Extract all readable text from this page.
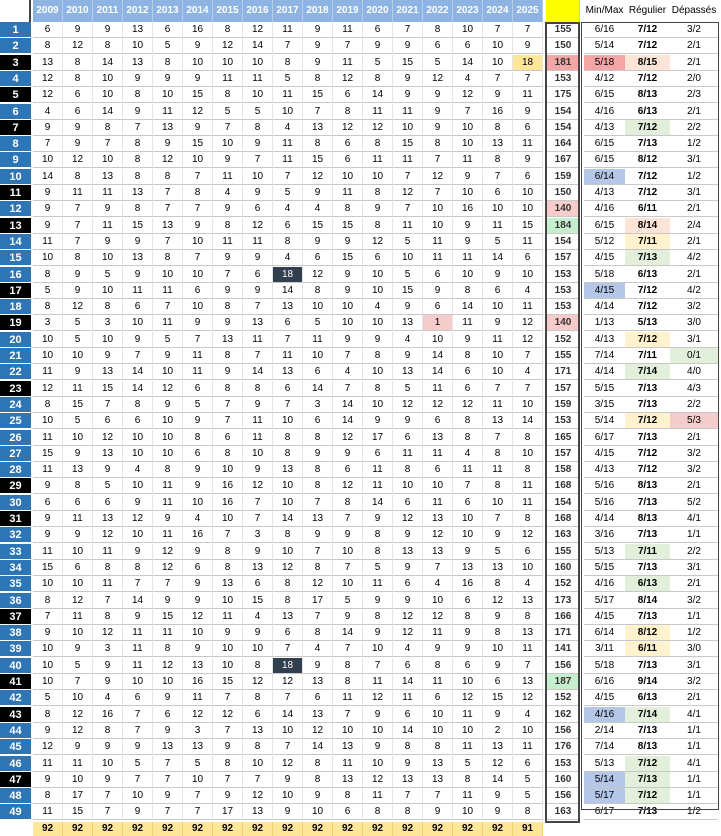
2009 2010 2011 2012 2013 2014 2015 2016 2017 2018 2019 2020 2021 2022 2023 2024 2025	Min/Max Régulier Dépassés
1	6	9	9	13	6	16	8	12	11	9	11	6	7	8	10	7	7	155	6/16	7/12	3/2
2	8	12	8	10	5	9	12	14	7	9	7	9	9	6	6	10	9	150	5/14	7/12	2/1
3	13	8	14	13	8	10	10	10	8	9	11	5	15	5	14	10	18	181	5/18	8/15	2/1
4	12	8	10	9	9	9	11	11	5	8	12	8	9	12	4	7	7	153	4/12	7/12	2/0
5	12	6	10	8	10	15	8	10	11	15	6	14	9	9	12	9	11	175	6/15	8/13	2/3
6	4	6	14	9	11	12	5	5	10	7	8	11	11	9	7	16	9	154	4/16	6/13	2/1
7	9	9	8	7	13	9	7	8	4	13	12	12	10	9	10	8	6	154	4/13	7/12	2/2
8	7	9	7	8	9	15	10	9	11	8	6	8	15	8	10	13	11	164	6/15	7/13	1/2
9	10	12	10	8	12	10	9	7	11	15	6	11	11	7	11	8	9	167	6/15	8/12	3/1
10	14	8	13	8	8	7	11	10	7	12	10	10	7	12	9	7	6	159	6/14	7/12	1/2
11	9	11	11	13	7	8	4	9	5	9	11	8	12	7	10	6	10	150	4/13	7/12	3/1
12	9	7	9	8	7	7	9	6	4	4	8	9	7	10	16	10	10	140	4/16	6/11	2/1
13	9	7	11	15	13	9	8	12	6	15	15	8	11	10	9	11	15	184	6/15	8/14	2/4
14	11	7	9	9	7	10	11	11	8	9	9	12	5	11	9	5	11	154	5/12	7/11	2/1
15	10	8	10	13	8	7	9	9	4	6	15	6	10	11	11	14	6	157	4/15	7/13	4/2
16	8	9	5	9	10	10	7	6	18	12	9	10	5	6	10	9	10	153	5/18	6/13	2/1
17	5	9	10	11	11	6	9	9	14	8	9	10	15	9	8	6	4	153	4/15	7/12	4/2
18	8	12	8	6	7	10	8	7	13	10	10	4	9	6	14	10	11	153	4/14	7/12	3/2
19	3	5	3	10	11	9	9	13	6	5	10	10	13	1	11	9	12	140	1/13	5/13	3/0
20	10	5	10	9	5	7	13	11	7	11	9	9	4	10	9	11	12	152	4/13	7/12	3/1
21	10	10	9	7	9	11	8	7	11	10	7	8	9	14	8	10	7	155	7/14	7/11	0/1
22	11	9	13	14	10	11	9	14	13	6	4	10	13	14	6	10	4	171	4/14	7/14	4/0
23	12	11	15	14	12	6	8	8	6	14	7	8	5	11	6	7	7	157	5/15	7/13	4/3
24	8	15	7	8	9	5	7	9	7	3	14	10	12	12	12	11	10	159	3/15	7/13	2/2
25	10	5	6	6	10	9	7	11	10	6	14	9	9	6	8	13	14	153	5/14	7/12	5/3
26	11	10	12	10	10	8	6	11	8	8	12	17	6	13	8	7	8	165	6/17	7/13	2/1
27	15	9	13	10	10	6	8	10	8	9	9	6	11	11	4	8	10	157	4/15	7/12	3/2
28	11	13	9	4	8	9	10	9	13	8	6	11	8	6	11	11	8	158	4/13	7/12	3/2
29	9	8	5	10	11	9	16	12	10	8	12	11	10	10	7	8	11	168	5/16	8/13	2/1
30	6	6	6	9	11	10	16	7	10	7	8	14	6	11	6	10	11	154	5/16	7/13	5/2
31	9	11	13	12	9	4	10	7	14	13	7	9	12	13	10	7	8	168	4/14	8/13	4/1
32	9	9	12	10	11	16	7	3	8	9	9	8	9	12	10	9	12	163	3/16	7/13	1/1
33	11	10	11	9	12	9	8	9	10	7	10	8	13	13	9	5	6	155	5/13	7/11	2/2
34	15	6	8	8	12	6	8	13	12	8	7	5	9	7	13	13	10	160	5/15	7/13	3/1
35	10	10	11	7	7	9	13	6	8	12	10	11	6	4	16	8	4	152	4/16	6/13	2/1
36	8	12	7	14	9	9	10	15	8	17	5	9	9	10	6	12	13	173	5/17	8/14	3/2
37	7	11	8	9	15	12	11	4	13	7	9	8	12	12	8	9	8	166	4/15	7/13	1/1
38	9	10	12	11	11	10	9	9	6	8	14	9	12	11	9	8	13	171	6/14	8/12	1/2
39	10	9	3	11	8	9	10	10	7	4	7	10	4	9	9	10	11	141	3/11	6/11	3/0
40	10	5	9	11	12	13	10	8	18	9	8	7	6	8	6	9	7	156	5/18	7/13	3/1
41	10	7	9	10	10	16	15	12	12	13	8	11	14	11	10	6	13	187	6/16	9/14	3/2
42	5	10	4	6	9	11	7	8	7	6	11	12	11	6	12	15	12	152	4/15	6/13	2/1
43	8	12	16	7	6	12	12	6	14	13	7	9	6	10	11	9	4	162	4/16	7/14	4/1
44	9	12	8	7	9	3	7	13	10	12	10	10	14	10	10	2	10	156	2/14	7/13	1/1
45	12	9	9	9	13	13	9	8	7	14	13	9	8	8	11	13	11	176	7/14	8/13	1/1
46	11	11	10	5	7	5	8	10	12	8	11	10	9	13	5	12	6	153	5/13	7/12	4/1
47	9	10	9	7	7	10	7	7	9	8	13	12	13	13	8	14	5	160	5/14	7/13	1/1
48	8	17	7	10	9	7	9	12	10	9	8	11	7	7	11	9	5	156	5/17	7/12	1/1
49	11	15	7	9	7	7	17	13	9	10	6	8	8	9	10	9	8	163	6/17	7/13	1/2
92	92	92	92	92	92	92	92	92	92	92	92	92	92	92	92	91
